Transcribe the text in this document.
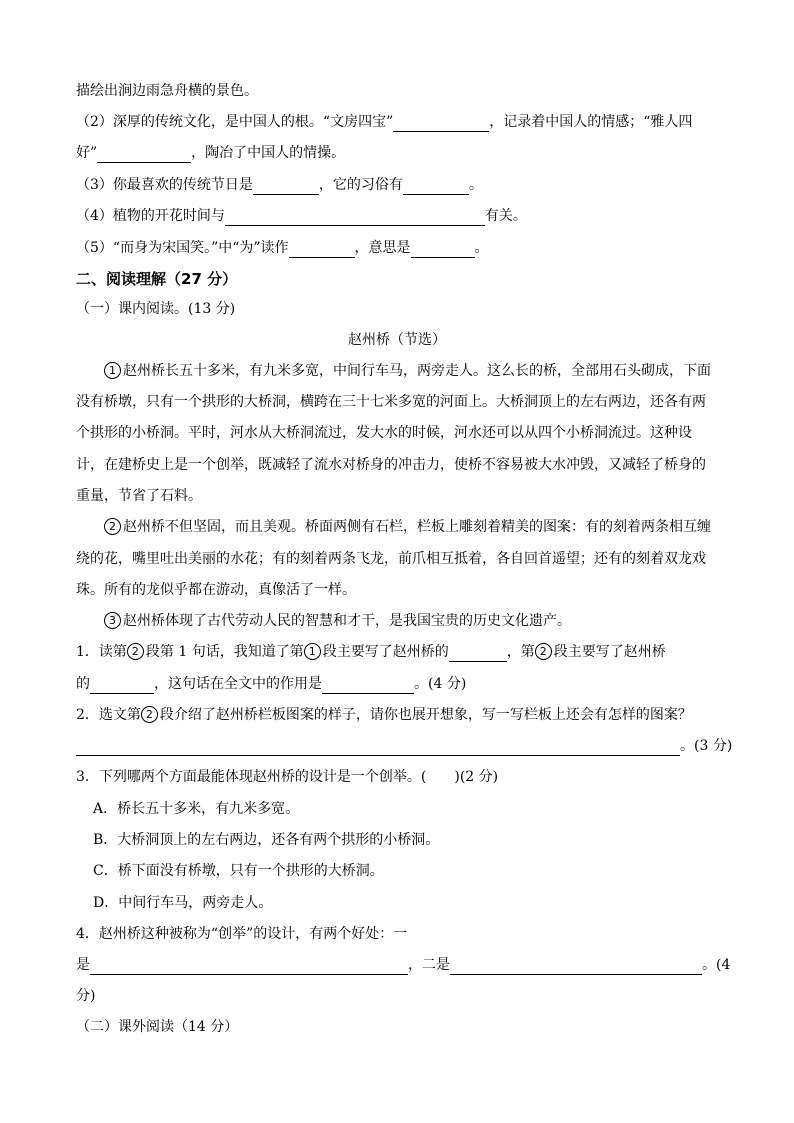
描绘出涧边雨急舟横的景色。
（2）深厚的传统文化，是中国人的根。“文房四宝”	，记录着中国人的情感；“雅人四
好”	，陶冶了中国人的情操。
（3）你最喜欢的传统节日是	，它的习俗有	。
（4）植物的开花时间与	有关。
（5）“而身为宋国笑。”中“为”读作	，意思是	。
二、阅读理解（27 分）
（一）课内阅读。(13 分)
赵州桥（节选）
1 赵州桥长五十多米，有九米多宽，中间行车马，两旁走人。这么长的桥，全部用石头砌成，下面
没有桥墩，只有一个拱形的大桥洞，横跨在三十七米多宽的河面上。大桥洞顶上的左右两边，还各有两
个拱形的小桥洞。平时，河水从大桥洞流过，发大水的时候，河水还可以从四个小桥洞流过。这种设
计，在建桥史上是一个创举，既减轻了流水对桥身的冲击力，使桥不容易被大水冲毁，又减轻了桥身的
重量，节省了石料。
2 赵州桥不但坚固，而且美观。桥面两侧有石栏，栏板上雕刻着精美的图案：有的刻着两条相互缠
绕的花，嘴里吐出美丽的水花；有的刻着两条飞龙，前爪相互抵着，各自回首遥望；还有的刻着双龙戏
珠。所有的龙似乎都在游动，真像活了一样。
3 赵州桥体现了古代劳动人民的智慧和才干，是我国宝贵的历史文化遗产。
1．读第 2 段第 1 句话，我知道了第 1 段主要写了赵州桥的	，第 2 段主要写了赵州桥
的	，这句话在全文中的作用是	。(4 分)
2．选文第 2 段介绍了赵州桥栏板图案的样子，请你也展开想象，写一写栏板上还会有怎样的图案？
。(3 分)
3．下列哪两个方面最能体现赵州桥的设计是一个创举。(　　)(2 分)
A．桥长五十多米，有九米多宽。
B．大桥洞顶上的左右两边，还各有两个拱形的小桥洞。
C．桥下面没有桥墩，只有一个拱形的大桥洞。
D．中间行车马，两旁走人。
4．赵州桥这种被称为“创举”的设计，有两个好处：一
是	，二是	。(4
分)
（二）课外阅读（14 分）
